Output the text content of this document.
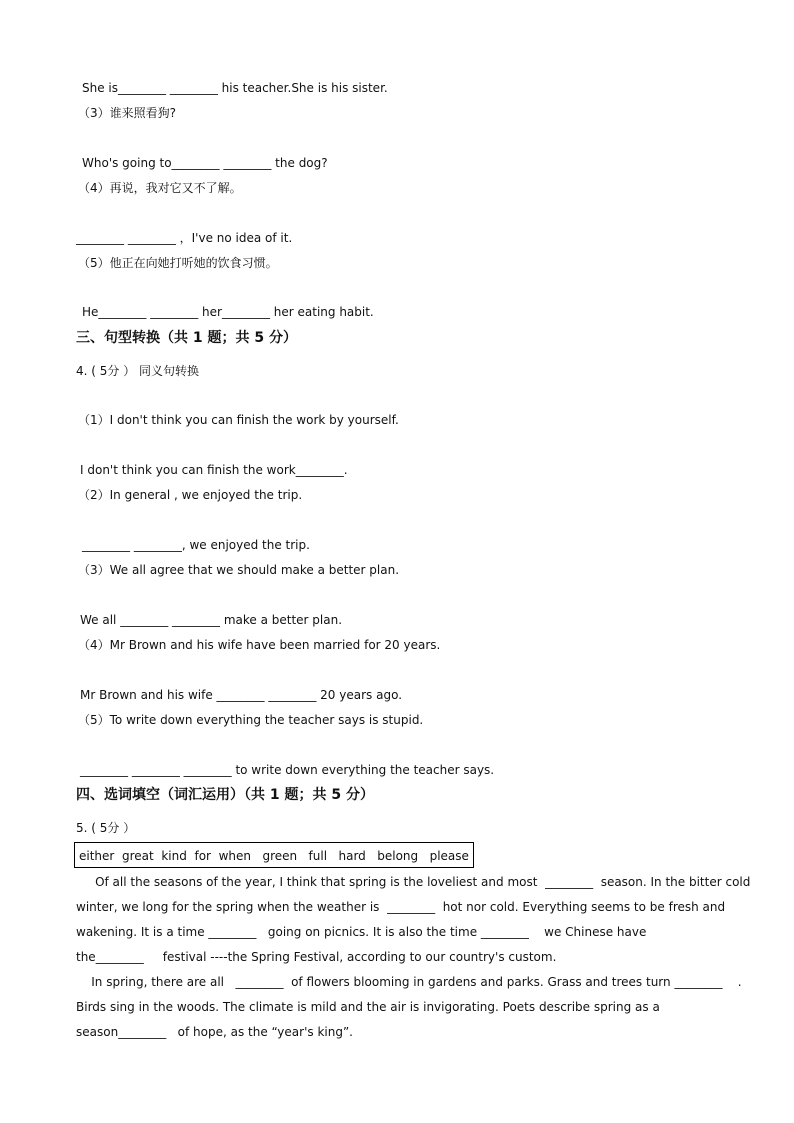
She is________ ________ his teacher.She is his sister.
（3）谁来照看狗?
Who's going to________ ________ the dog?
（4）再说，我对它又不了解。
________ ________ ，I've no idea of it.
（5）他正在向她打听她的饮食习惯。
He________ ________ her________ her eating habit.
三、句型转换（共 1 题；共 5 分）
4. ( 5分 ） 同义句转换
（1）I don't think you can finish the work by yourself.
I don't think you can finish the work________.
（2）In general , we enjoyed the trip.
________ ________, we enjoyed the trip.
（3）We all agree that we should make a better plan.
We all ________ ________ make a better plan.
（4）Mr Brown and his wife have been married for 20 years.
Mr Brown and his wife ________ ________ 20 years ago.
（5）To write down everything the teacher says is stupid.
________ ________ ________ to write down everything the teacher says.
四、选词填空（词汇运用）（共 1 题；共 5 分）
5. ( 5分 ）
either  great  kind  for  when   green   full   hard   belong   please
Of all the seasons of the year, I think that spring is the loveliest and most  ________  season. In the bitter cold
winter, we long for the spring when the weather is  ________  hot nor cold. Everything seems to be fresh and
wakening. It is a time ________   going on picnics. It is also the time ________    we Chinese have
the________     festival ----the Spring Festival, according to our country's custom.
In spring, there are all   ________  of flowers blooming in gardens and parks. Grass and trees turn ________    .
Birds sing in the woods. The climate is mild and the air is invigorating. Poets describe spring as a
season________   of hope, as the “year's king”.
